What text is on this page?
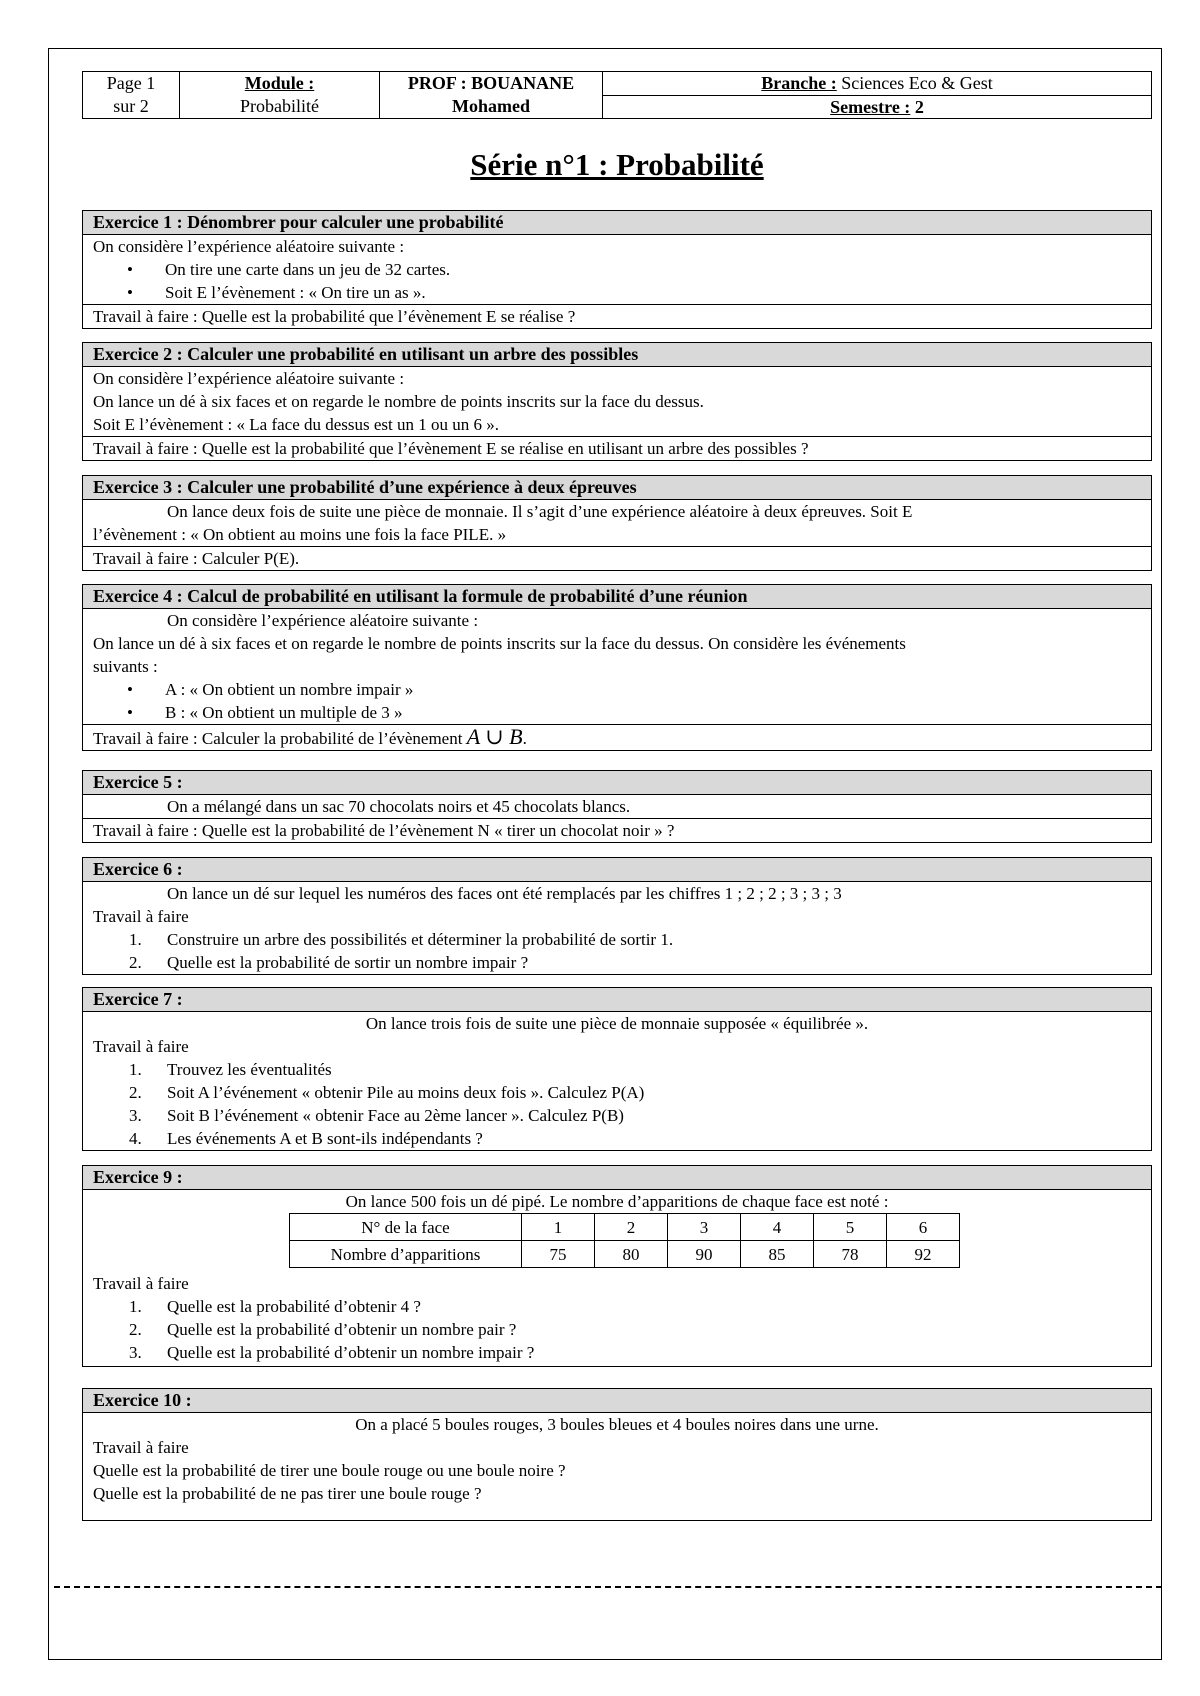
Page 1
sur 2

Module :
Probabilité

PROF : BOUANANE
Mohamed
	Branche : Sciences Eco & Gest
Semestre : 2
Série n°1 : Probabilité
Exercice 1 : Dénombrer pour calculer une probabilité
On considère l’expérience aléatoire suivante :
• On tire une carte dans un jeu de 32 cartes.
• Soit E l’évènement : « On tire un as ».
Travail à faire : Quelle est la probabilité que l’évènement E se réalise ?
Exercice 2 : Calculer une probabilité en utilisant un arbre des possibles
On considère l’expérience aléatoire suivante :
On lance un dé à six faces et on regarde le nombre de points inscrits sur la face du dessus.
Soit E l’évènement : « La face du dessus est un 1 ou un 6 ».
Travail à faire : Quelle est la probabilité que l’évènement E se réalise en utilisant un arbre des possibles ?
Exercice 3 : Calculer une probabilité d’une expérience à deux épreuves
On lance deux fois de suite une pièce de monnaie. Il s’agit d’une expérience aléatoire à deux épreuves. Soit E
l’évènement : « On obtient au moins une fois la face PILE. »
Travail à faire : Calculer P(E).
Exercice 4 : Calcul de probabilité en utilisant la formule de probabilité d’une réunion
On considère l’expérience aléatoire suivante :
On lance un dé à six faces et on regarde le nombre de points inscrits sur la face du dessus. On considère les événements
suivants :
• A : « On obtient un nombre impair »
• B : « On obtient un multiple de 3 »
Travail à faire : Calculer la probabilité de l’évènement A ∪ B.
Exercice 5 :
On a mélangé dans un sac 70 chocolats noirs et 45 chocolats blancs.
Travail à faire : Quelle est la probabilité de l’évènement N « tirer un chocolat noir » ?
Exercice 6 :
On lance un dé sur lequel les numéros des faces ont été remplacés par les chiffres 1 ; 2 ; 2 ; 3 ; 3 ; 3
Travail à faire
1.	Construire un arbre des possibilités et déterminer la probabilité de sortir 1.
2.	Quelle est la probabilité de sortir un nombre impair ?
Exercice 7 :
On lance trois fois de suite une pièce de monnaie supposée « équilibrée ».
Travail à faire
1.	Trouvez les éventualités
2.	Soit A l’événement « obtenir Pile au moins deux fois ». Calculez P(A)
3.	Soit B l’événement « obtenir Face au 2ème lancer ». Calculez P(B)
4.	Les événements A et B sont-ils indépendants ?
Exercice 9 :
On lance 500 fois un dé pipé. Le nombre d’apparitions de chaque face est noté :
N° de la face	1	2	3	4	5	6
Nombre d’apparitions	75	80	90	85	78	92
Travail à faire
1.	Quelle est la probabilité d’obtenir 4 ?
2.	Quelle est la probabilité d’obtenir un nombre pair ?
3.	Quelle est la probabilité d’obtenir un nombre impair ?
Exercice 10 :
On a placé 5 boules rouges, 3 boules bleues et 4 boules noires dans une urne.
Travail à faire
Quelle est la probabilité de tirer une boule rouge ou une boule noire ?
Quelle est la probabilité de ne pas tirer une boule rouge ?
